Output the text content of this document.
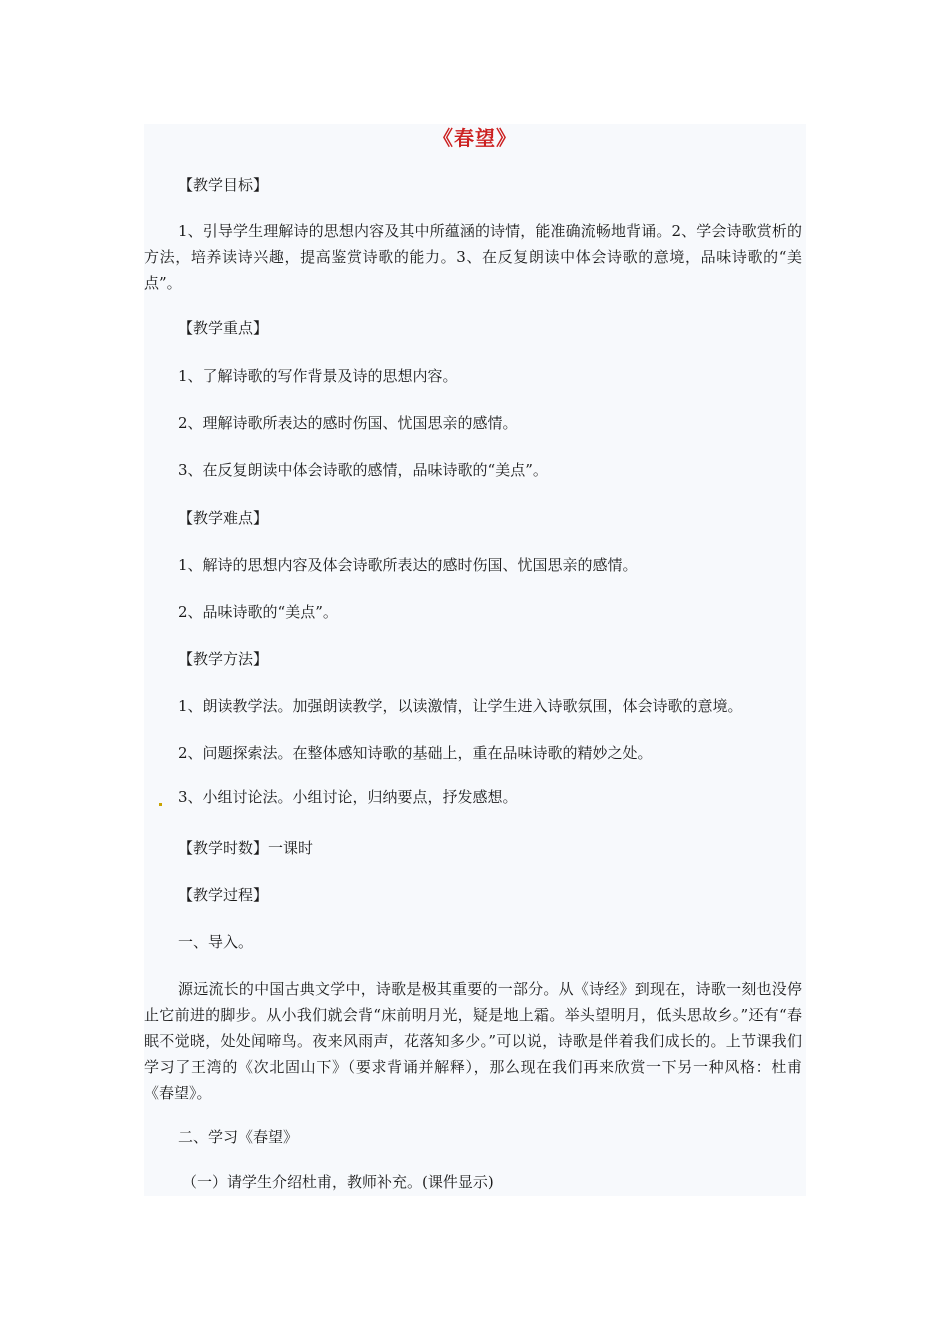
《春望》
【教学目标】
1、引导学生理解诗的思想内容及其中所蕴涵的诗情，能准确流畅地背诵。2、学会诗歌赏析的方法，培养读诗兴趣，提高鉴赏诗歌的能力。3、在反复朗读中体会诗歌的意境，品味诗歌的“美点”。
【教学重点】
1、了解诗歌的写作背景及诗的思想内容。
2、理解诗歌所表达的感时伤国、忧国思亲的感情。
3、在反复朗读中体会诗歌的感情，品味诗歌的“美点”。
【教学难点】
1、解诗的思想内容及体会诗歌所表达的感时伤国、忧国思亲的感情。
2、品味诗歌的“美点”。
【教学方法】
1、朗读教学法。加强朗读教学，以读激情，让学生进入诗歌氛围，体会诗歌的意境。
2、问题探索法。在整体感知诗歌的基础上，重在品味诗歌的精妙之处。
3、小组讨论法。小组讨论，归纳要点，抒发感想。
【教学时数】一课时
【教学过程】
一、导入。
源远流长的中国古典文学中，诗歌是极其重要的一部分。从《诗经》到现在，诗歌一刻也没停止它前进的脚步。从小我们就会背“床前明月光，疑是地上霜。举头望明月，低头思故乡。”还有“春眠不觉晓，处处闻啼鸟。夜来风雨声，花落知多少。”可以说，诗歌是伴着我们成长的。上节课我们学习了王湾的《次北固山下》（要求背诵并解释），那么现在我们再来欣赏一下另一种风格：杜甫《春望》。
二、学习《春望》
（一）请学生介绍杜甫，教师补充。(课件显示)
